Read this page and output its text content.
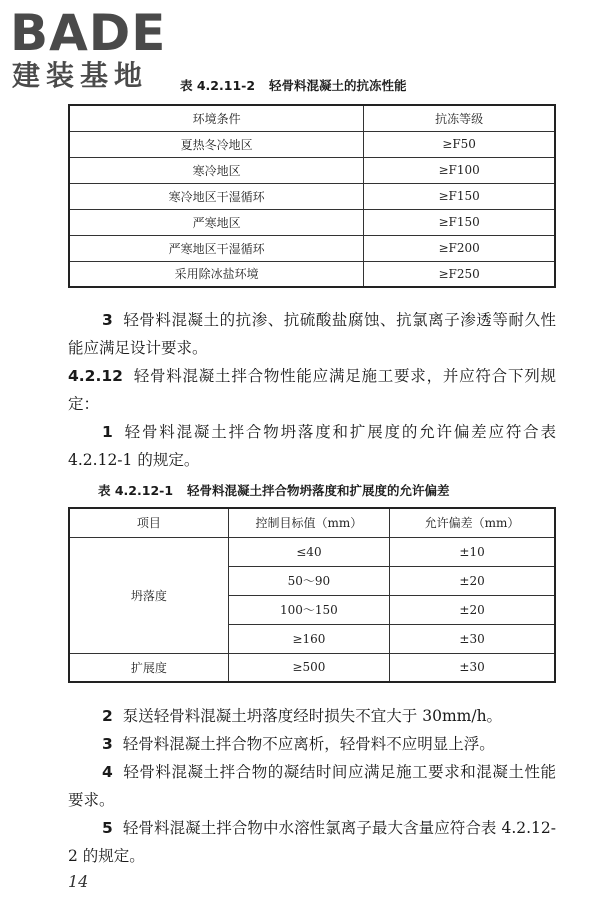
BADE
建装基地	表 4.2.11-2 轻骨料混凝土的抗冻性能
环境条件	抗冻等级
夏热冬冷地区	≥F50
寒冷地区	≥F100
寒冷地区干湿循环	≥F150
严寒地区	≥F150
严寒地区干湿循环	≥F200
采用除冰盐环境	≥F250
3 轻骨料混凝土的抗渗、抗硫酸盐腐蚀、抗氯离子渗透等耐久性能应满足设计要求。
4.2.12 轻骨料混凝土拌合物性能应满足施工要求，并应符合下列规定：
1 轻骨料混凝土拌合物坍落度和扩展度的允许偏差应符合表 4.2.12-1 的规定。
表 4.2.12-1 轻骨料混凝土拌合物坍落度和扩展度的允许偏差
项目	控制目标值（mm）	允许偏差（mm）
坍落度	≤40	±10
	50～90	±20
	100～150	±20
	≥160	±30
扩展度	≥500	±30
2 泵送轻骨料混凝土坍落度经时损失不宜大于 30mm/h。
3 轻骨料混凝土拌合物不应离析，轻骨料不应明显上浮。
4 轻骨料混凝土拌合物的凝结时间应满足施工要求和混凝土性能要求。
5 轻骨料混凝土拌合物中水溶性氯离子最大含量应符合表 4.2.12-2 的规定。
14
